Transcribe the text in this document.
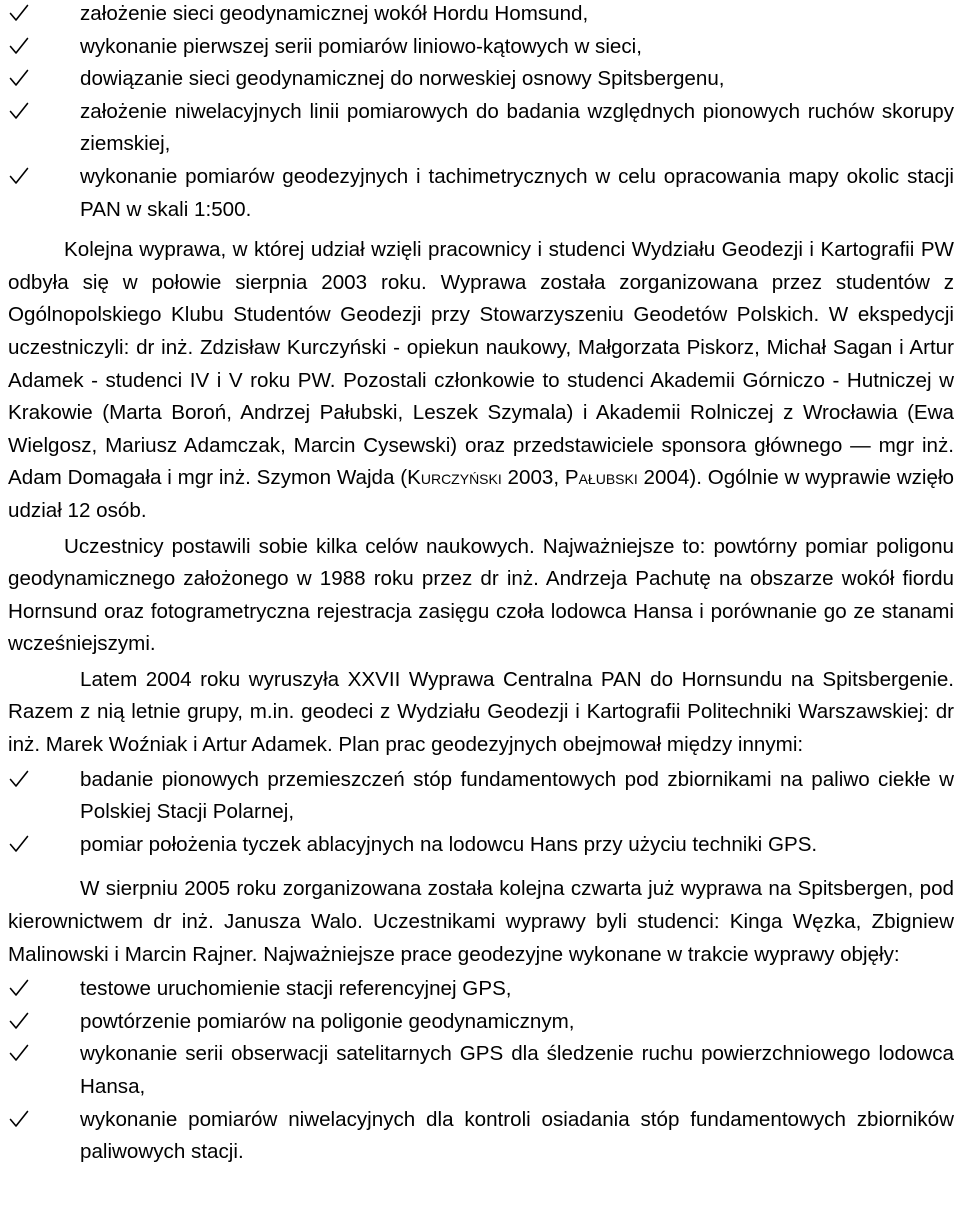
założenie sieci geodynamicznej wokół Hordu Homsund,
wykonanie pierwszej serii pomiarów liniowo-kątowych w sieci,
dowiązanie sieci geodynamicznej do norweskiej osnowy Spitsbergenu,
założenie niwelacyjnych linii pomiarowych do badania względnych pionowych ruchów skorupy ziemskiej,
wykonanie pomiarów geodezyjnych i tachimetrycznych w celu opracowania mapy okolic stacji PAN w skali 1:500.

Kolejna wyprawa, w której udział wzięli pracownicy i studenci Wydziału Geodezji i Kartografii PW odbyła się w połowie sierpnia 2003 roku. Wyprawa została zorganizowana przez studentów z Ogólnopolskiego Klubu Studentów Geodezji przy Stowarzyszeniu Geodetów Polskich. W ekspedycji uczestniczyli: dr inż. Zdzisław Kurczyński - opiekun naukowy, Małgorzata Piskorz, Michał Sagan i Artur Adamek - studenci IV i V roku PW. Pozostali członkowie to studenci Akademii Górniczo - Hutniczej w Krakowie (Marta Boroń, Andrzej Pałubski, Leszek Szymala) i Akademii Rolniczej z Wrocławia (Ewa Wielgosz, Mariusz Adamczak, Marcin Cysewski) oraz przedstawiciele sponsora głównego — mgr inż. Adam Domagała i mgr inż. Szymon Wajda (Kurczyński 2003, Pałubski 2004). Ogólnie w wyprawie wzięło udział 12 osób.

Uczestnicy postawili sobie kilka celów naukowych. Najważniejsze to: powtórny pomiar poligonu geodynamicznego założonego w 1988 roku przez dr inż. Andrzeja Pachutę na obszarze wokół fiordu Hornsund oraz fotogrametryczna rejestracja zasięgu czoła lodowca Hansa i porównanie go ze stanami wcześniejszymi.

Latem 2004 roku wyruszyła XXVII Wyprawa Centralna PAN do Hornsundu na Spitsbergenie. Razem z nią letnie grupy, m.in. geodeci z Wydziału Geodezji i Kartografii Politechniki Warszawskiej: dr inż. Marek Woźniak i Artur Adamek. Plan prac geodezyjnych obejmował między innymi:

badanie pionowych przemieszczeń stóp fundamentowych pod zbiornikami na paliwo ciekłe w Polskiej Stacji Polarnej,
pomiar położenia tyczek ablacyjnych na lodowcu Hans przy użyciu techniki GPS.

W sierpniu 2005 roku zorganizowana została kolejna czwarta już wyprawa na Spitsbergen, pod kierownictwem dr inż. Janusza Walo. Uczestnikami wyprawy byli studenci: Kinga Węzka, Zbigniew Malinowski i Marcin Rajner. Najważniejsze prace geodezyjne wykonane w trakcie wyprawy objęły:

testowe uruchomienie stacji referencyjnej GPS,
powtórzenie pomiarów na poligonie geodynamicznym,
wykonanie serii obserwacji satelitarnych GPS dla śledzenie ruchu powierzchniowego lodowca Hansa,
wykonanie pomiarów niwelacyjnych dla kontroli osiadania stóp fundamentowych zbiorników paliwowych stacji.
